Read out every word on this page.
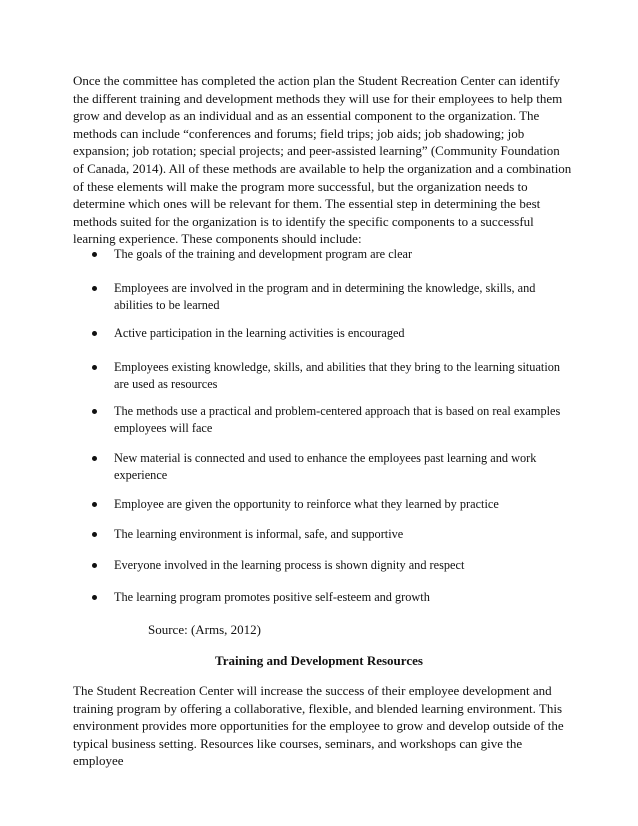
Once the committee has completed the action plan the Student Recreation Center can identify the different training and development methods they will use for their employees to help them grow and develop as an individual and as an essential component to the organization. The methods can include “conferences and forums; field trips; job aids; job shadowing; job expansion; job rotation; special projects; and peer-assisted learning” (Community Foundation of Canada, 2014). All of these methods are available to help the organization and a combination of these elements will make the program more successful, but the organization needs to determine which ones will be relevant for them. The essential step in determining the best methods suited for the organization is to identify the specific components to a successful learning experience. These components should include:

The goals of the training and development program are clear
Employees are involved in the program and in determining the knowledge, skills, and abilities to be learned
Active participation in the learning activities is encouraged
Employees existing knowledge, skills, and abilities that they bring to the learning situation are used as resources
The methods use a practical and problem-centered approach that is based on real examples employees will face
New material is connected and used to enhance the employees past learning and work experience
Employee are given the opportunity to reinforce what they learned by practice
The learning environment is informal, safe, and supportive
Everyone involved in the learning process is shown dignity and respect
The learning program promotes positive self-esteem and growth
Source: (Arms, 2012)
Training and Development Resources

The Student Recreation Center will increase the success of their employee development and training program by offering a collaborative, flexible, and blended learning environment. This environment provides more opportunities for the employee to grow and develop outside of the typical business setting. Resources like courses, seminars, and workshops can give the employee
